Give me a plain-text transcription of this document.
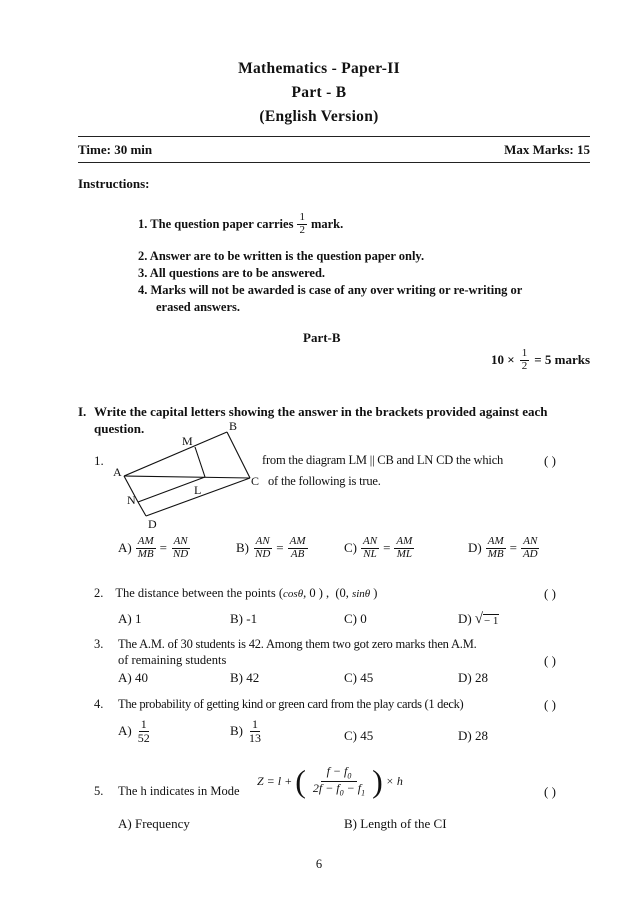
Mathematics - Paper-II
Part - B
(English Version)
Time: 30 min	Max Marks: 15
Instructions:
1. The question paper carries $\frac{1}{2}$ mark.
2. Answer are to be written is the question paper only.
3. All questions are to be answered.
4. Marks will not be awarded is case of any over writing or re-writing or
erased answers.
Part-B
$10 \times \frac{1}{2} = 5$ marks
I. Write the capital letters showing the answer in the brackets provided against each
question.
1.
B
M
A
L
C
N
D
from the diagram LM || CB and LN CD the which
of the following is true.
( )
$A) \frac{AM}{MB} = \frac{AN}{ND}$	$B) \frac{AN}{ND} = \frac{AM}{AB}$	$C) \frac{AN}{NL} = \frac{AM}{ML}$	$D) \frac{AM}{MB} = \frac{AN}{AD}$
2. The distance between the points ( cosθ , 0 ) ,  (0, sinθ )	( )
A) 1	B) -1	C) 0	D) √ − 1
3. The A.M. of 30 students is 42. Among them two got zero marks then A.M.
of remaining students	( )
A) 40	B) 42	C) 45	D) 28
4. The probability of getting kind or green card from the play cards (1 deck)	( )
$A) \frac{1}{52}$	$B) \frac{1}{13}$	C) 45	D) 28
5. The h indicates in Mode
Z = l + ( $\frac{f - f_0}{2f - f_0 - f_1}$ ) × h
( )
A) Frequency	B) Length of the CI
6
